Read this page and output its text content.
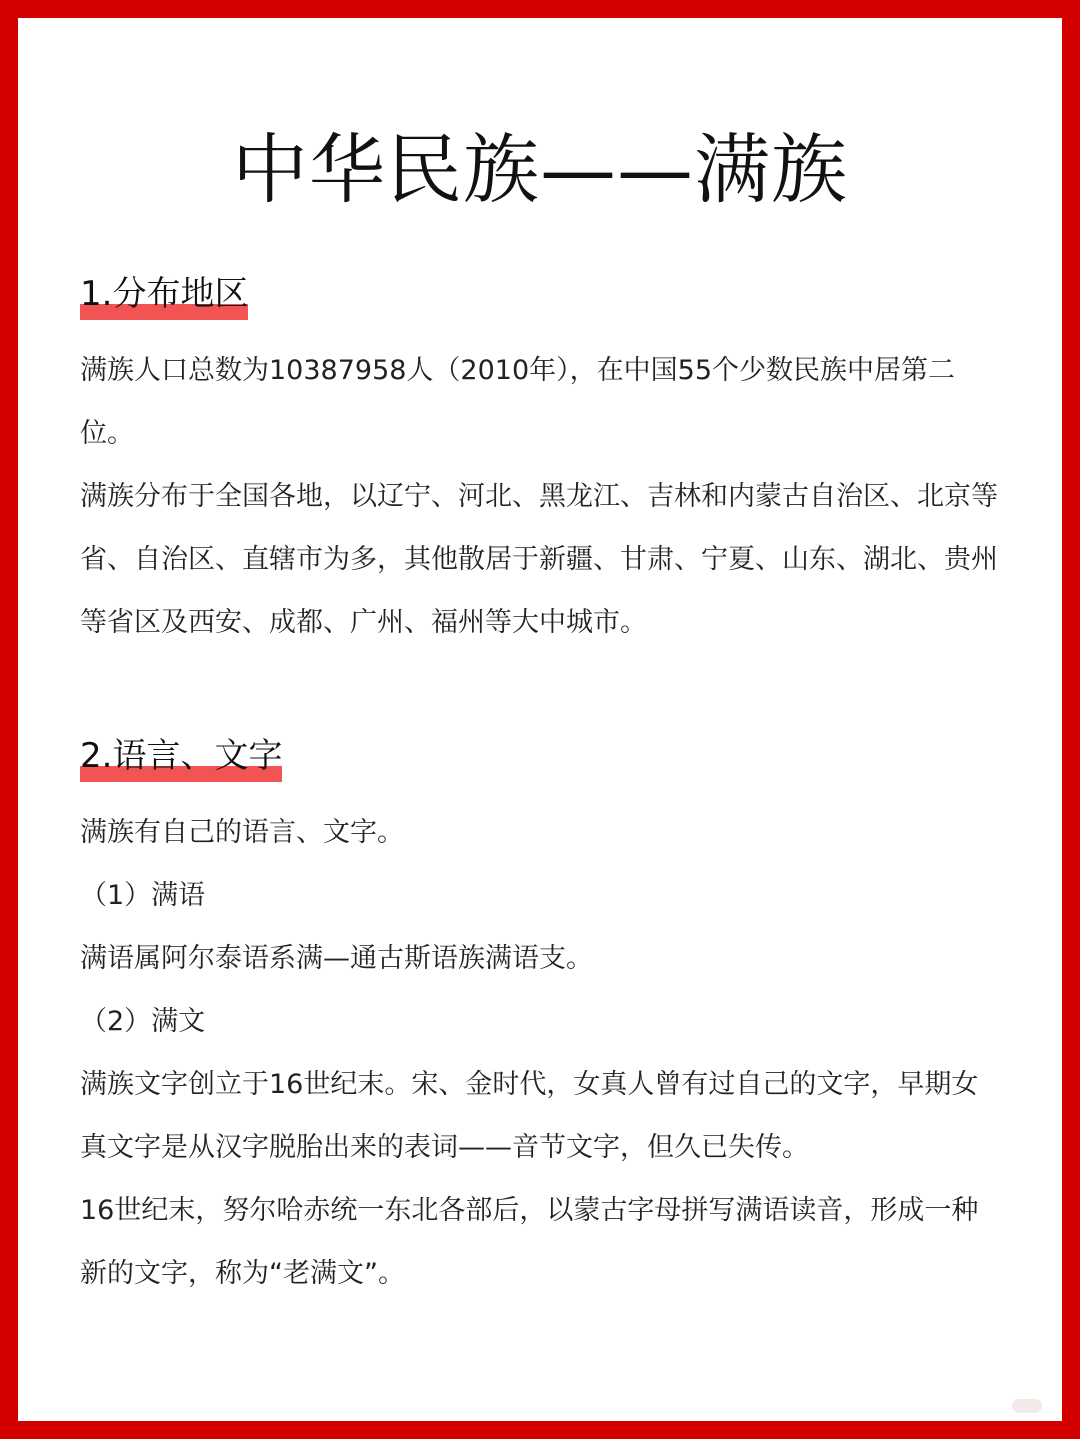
中华民族——满族
1.分布地区

满族人口总数为10387958人（2010年），在中国55个少数民族中居第二位。

满族分布于全国各地，以辽宁、河北、黑龙江、吉林和内蒙古自治区、北京等省、自治区、直辖市为多，其他散居于新疆、甘肃、宁夏、山东、湖北、贵州等省区及西安、成都、广州、福州等大中城市。

2.语言、文字

满族有自己的语言、文字。

（1）满语

满语属阿尔泰语系满—通古斯语族满语支。

（2）满文

满族文字创立于16世纪末。宋、金时代，女真人曾有过自己的文字，早期女真文字是从汉字脱胎出来的表词——音节文字，但久已失传。

16世纪末，努尔哈赤统一东北各部后，以蒙古字母拼写满语读音，形成一种新的文字，称为“老满文”。
